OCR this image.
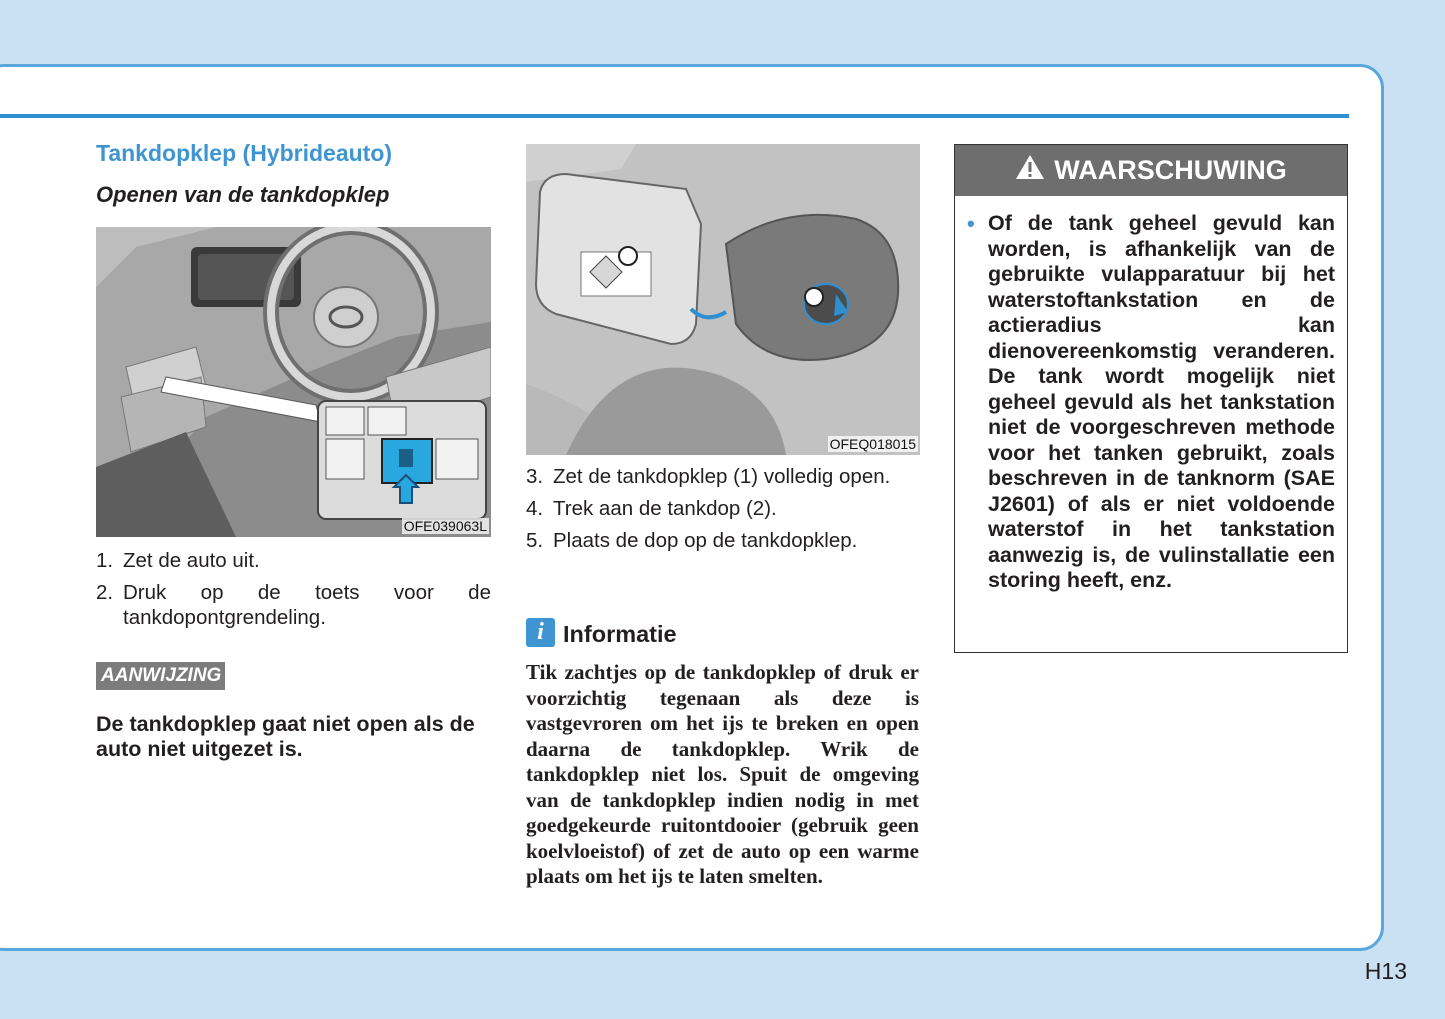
Tankdopklep (Hybrideauto)
Openen van de tankdopklep
OFE039063L
1. Zet de auto uit.
2. Druk op de toets voor de tankdopontgrendeling.
AANWIJZING
De tankdopklep gaat niet open als de auto niet uitgezet is.
OFEQ018015
3. Zet de tankdopklep (1) volledig open.
4. Trek aan de tankdop (2).
5. Plaats de dop op de tankdopklep.
i Informatie
Tik zachtjes op de tankdopklep of druk er voorzichtig tegenaan als deze is vastgevroren om het ijs te breken en open daarna de tankdopklep. Wrik de tankdopklep niet los. Spuit de omgeving van de tankdopklep indien nodig in met goedgekeurde ruitontdooier (gebruik geen koelvloeistof) of zet de auto op een warme plaats om het ijs te laten smelten.
WAARSCHUWING
• Of de tank geheel gevuld kan worden, is afhankelijk van de gebruikte vulapparatuur bij het waterstoftankstation en de actieradius kan dienovereenkomstig veranderen. De tank wordt mogelijk niet geheel gevuld als het tankstation niet de voorgeschreven methode voor het tanken gebruikt, zoals beschreven in de tanknorm (SAE J2601) of als er niet voldoende waterstof in het tankstation aanwezig is, de vulinstallatie een storing heeft, enz.
H13
